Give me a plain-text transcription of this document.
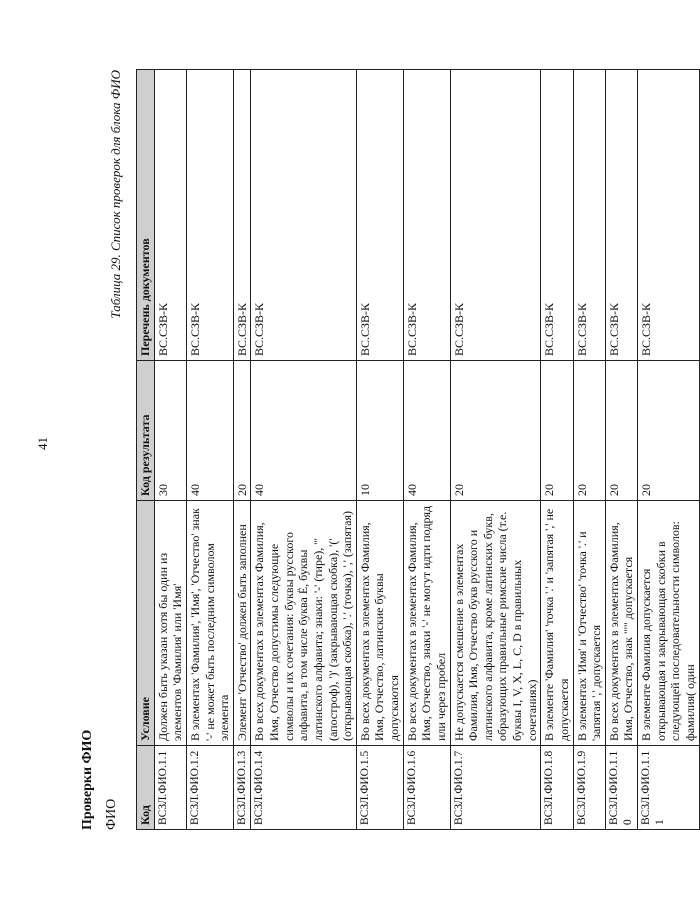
41
Проверки ФИО ФИО
Таблица 29. Список проверок для блока ФИО
Код	Условие	Код результата	Перечень документов
ВСЗЛ.ФИО.1.1	Должен быть указан хотя бы один из элементов 'Фамилия' или 'Имя'	30	ВС.СЗВ-К
ВСЗЛ.ФИО.1.2	В элементах 'Фамилия', 'Имя', 'Отчество' знак '-' не может быть последним символом элемента	40	ВС.СЗВ-К
ВСЗЛ.ФИО.1.3	Элемент 'Отчество' должен быть заполнен	20	ВС.СЗВ-К
ВСЗЛ.ФИО.1.4	Во всех документах в элементах Фамилия, Имя, Отчество допустимы следующие символы и их сочетания: буквы русского алфавита, в том числе буква Ё, буквы латинского алфавита; знаки: '-' (тире), ''' (апостроф), ')' (закрывающая скобка), '(' (открывающая скобка), '.' (точка), ',' (запятая)	40	ВС.СЗВ-К
ВСЗЛ.ФИО.1.5	Во всех документах в элементах Фамилия, Имя, Отчество, латинские буквы допускаются	10	ВС.СЗВ-К
ВСЗЛ.ФИО.1.6	Во всех документах в элементах Фамилия, Имя, Отчество, знаки '-' не могут идти подряд или через пробел	40	ВС.СЗВ-К
ВСЗЛ.ФИО.1.7	Не допускается смешение в элементах Фамилия, Имя, Отчество букв русского и латинского алфавита, кроме латинских букв, образующих правильные римские числа (т.е. буквы I, V, X, L, C, D в правильных сочетаниях)	20	ВС.СЗВ-К
ВСЗЛ.ФИО.1.8	В элементе 'Фамилия' 'точка '.' и 'запятая ',' не допускается	20	ВС.СЗВ-К
ВСЗЛ.ФИО.1.9	В элементах 'Имя' и 'Отчество' 'точка '.' и 'запятая ',' допускается	20	ВС.СЗВ-К
ВСЗЛ.ФИО.1.10	Во всех документах в элементах Фамилия, Имя, Отчество, знак "'" допускается	20	ВС.СЗВ-К
ВСЗЛ.ФИО.1.11	В элементе Фамилия допускается открывающая и закрывающая скобки в следующей последовательности символов: фамилия( один	20	ВС.СЗВ-К
